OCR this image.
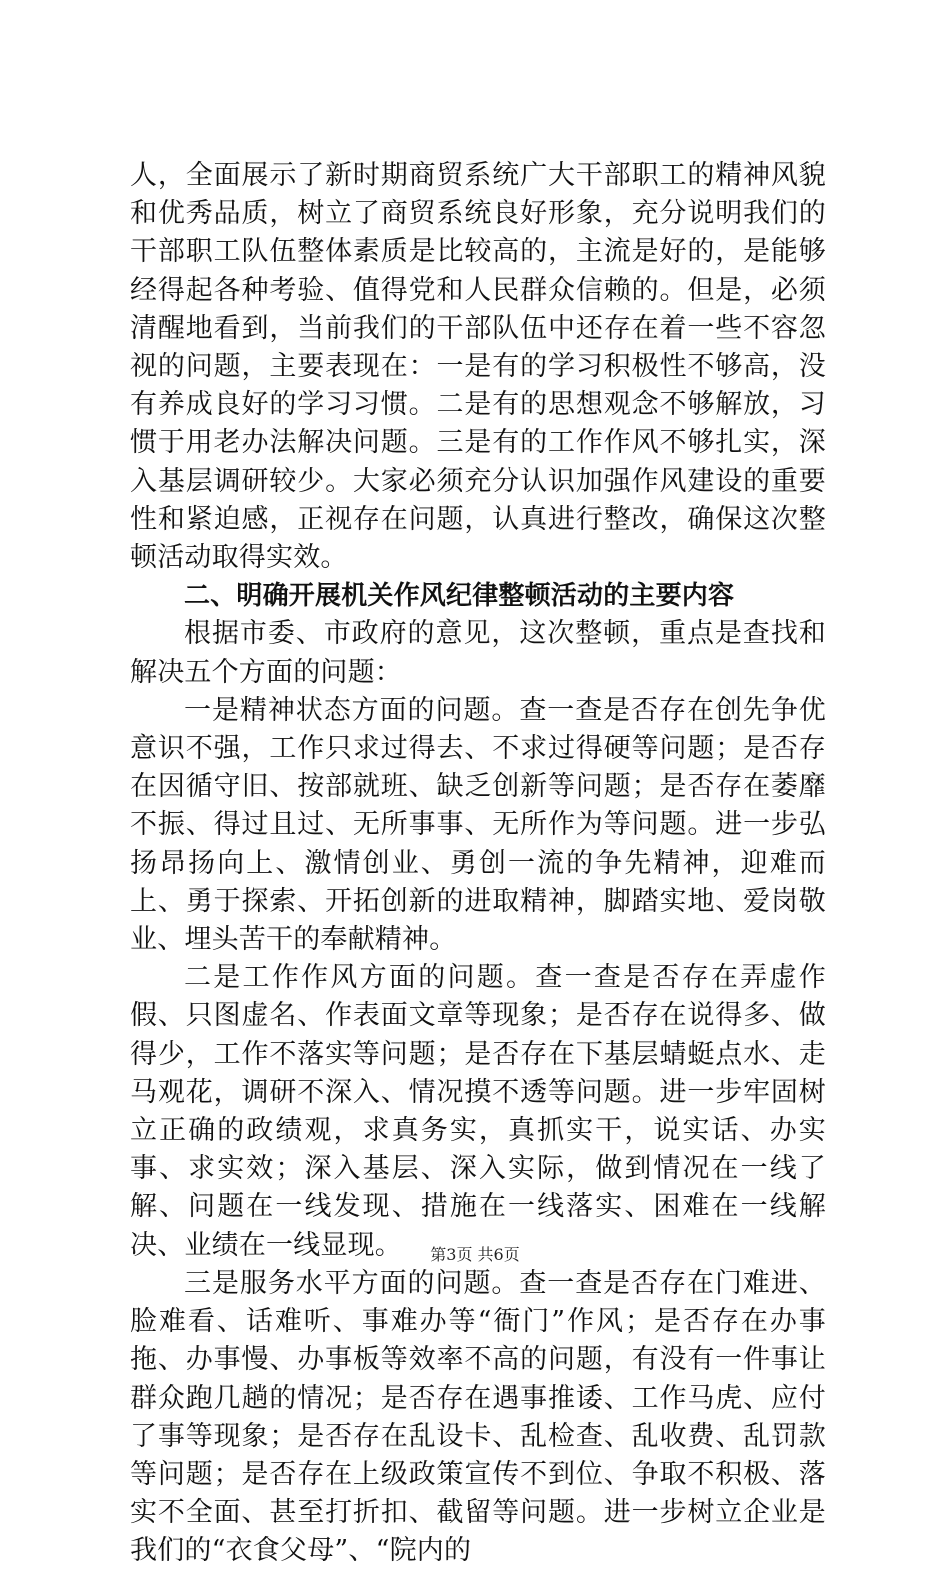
人，全面展示了新时期商贸系统广大干部职工的精神风貌和优秀品质，树立了商贸系统良好形象，充分说明我们的干部职工队伍整体素质是比较高的，主流是好的，是能够经得起各种考验、值得党和人民群众信赖的。但是，必须清醒地看到，当前我们的干部队伍中还存在着一些不容忽视的问题，主要表现在：一是有的学习积极性不够高，没有养成良好的学习习惯。二是有的思想观念不够解放，习惯于用老办法解决问题。三是有的工作作风不够扎实，深入基层调研较少。大家必须充分认识加强作风建设的重要性和紧迫感，正视存在问题，认真进行整改，确保这次整顿活动取得实效。

二、明确开展机关作风纪律整顿活动的主要内容

根据市委、市政府的意见，这次整顿，重点是查找和解决五个方面的问题：

一是精神状态方面的问题。查一查是否存在创先争优意识不强，工作只求过得去、不求过得硬等问题；是否存在因循守旧、按部就班、缺乏创新等问题；是否存在萎靡不振、得过且过、无所事事、无所作为等问题。进一步弘扬昂扬向上、激情创业、勇创一流的争先精神，迎难而上、勇于探索、开拓创新的进取精神，脚踏实地、爱岗敬业、埋头苦干的奉献精神。

二是工作作风方面的问题。查一查是否存在弄虚作假、只图虚名、作表面文章等现象；是否存在说得多、做得少，工作不落实等问题；是否存在下基层蜻蜓点水、走马观花，调研不深入、情况摸不透等问题。进一步牢固树立正确的政绩观，求真务实，真抓实干，说实话、办实事、求实效；深入基层、深入实际，做到情况在一线了解、问题在一线发现、措施在一线落实、困难在一线解决、业绩在一线显现。

三是服务水平方面的问题。查一查是否存在门难进、脸难看、话难听、事难办等“衙门”作风；是否存在办事拖、办事慢、办事板等效率不高的问题，有没有一件事让群众跑几趟的情况；是否存在遇事推诿、工作马虎、应付了事等现象；是否存在乱设卡、乱检查、乱收费、乱罚款等问题；是否存在上级政策宣传不到位、争取不积极、落实不全面、甚至打折扣、截留等问题。进一步树立企业是我们的“衣食父母”、“院内的

第3页 共6页
